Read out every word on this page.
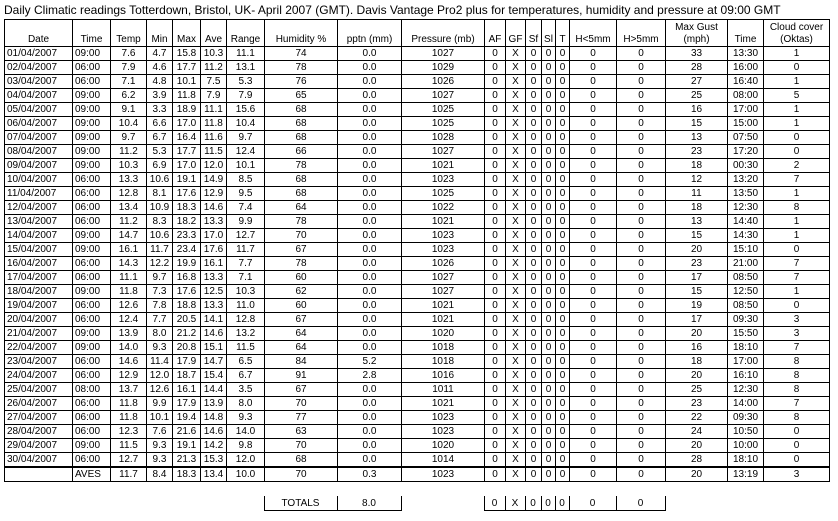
Daily Climatic readings Totterdown, Bristol, UK- April 2007 (GMT). Davis Vantage Pro2 plus for temperatures, humidity and pressure at 09:00 GMT
Date	Time	Temp	Min	Max	Ave	Range	Humidity %	pptn (mm)	Pressure (mb)	AF	GF	Sf	Sl	T	H<5mm	H>5mm	Max Gust (mph)	Time	Cloud cover (Oktas)
01/04/2007	09:00	7.6	4.7	15.8	10.3	11.1	74	0.0	1027	0	X	0	0	0	0	0	33	13:30	1
02/04/2007	06:00	7.9	4.6	17.7	11.2	13.1	78	0.0	1029	0	X	0	0	0	0	0	28	16:00	0
03/04/2007	06:00	7.1	4.8	10.1	7.5	5.3	76	0.0	1026	0	X	0	0	0	0	0	27	16:40	1
04/04/2007	09:00	6.2	3.9	11.8	7.9	7.9	65	0.0	1027	0	X	0	0	0	0	0	25	08:00	5
05/04/2007	09:00	9.1	3.3	18.9	11.1	15.6	68	0.0	1025	0	X	0	0	0	0	0	16	17:00	1
06/04/2007	09:00	10.4	6.6	17.0	11.8	10.4	68	0.0	1025	0	X	0	0	0	0	0	15	15:00	1
07/04/2007	09:00	9.7	6.7	16.4	11.6	9.7	68	0.0	1028	0	X	0	0	0	0	0	13	07:50	0
08/04/2007	09:00	11.2	5.3	17.7	11.5	12.4	66	0.0	1027	0	X	0	0	0	0	0	23	17:20	0
09/04/2007	09:00	10.3	6.9	17.0	12.0	10.1	78	0.0	1021	0	X	0	0	0	0	0	18	00:30	2
10/04/2007	06:00	13.3	10.6	19.1	14.9	8.5	68	0.0	1023	0	X	0	0	0	0	0	12	13:20	7
11/04/2007	06:00	12.8	8.1	17.6	12.9	9.5	68	0.0	1025	0	X	0	0	0	0	0	11	13:50	1
12/04/2007	06:00	13.4	10.9	18.3	14.6	7.4	64	0.0	1022	0	X	0	0	0	0	0	18	12:30	8
13/04/2007	06:00	11.2	8.3	18.2	13.3	9.9	78	0.0	1021	0	X	0	0	0	0	0	13	14:40	1
14/04/2007	09:00	14.7	10.6	23.3	17.0	12.7	70	0.0	1023	0	X	0	0	0	0	0	15	14:30	1
15/04/2007	09:00	16.1	11.7	23.4	17.6	11.7	67	0.0	1023	0	X	0	0	0	0	0	20	15:10	0
16/04/2007	06:00	14.3	12.2	19.9	16.1	7.7	78	0.0	1026	0	X	0	0	0	0	0	23	21:00	7
17/04/2007	06:00	11.1	9.7	16.8	13.3	7.1	60	0.0	1027	0	X	0	0	0	0	0	17	08:50	7
18/04/2007	09:00	11.8	7.3	17.6	12.5	10.3	62	0.0	1027	0	X	0	0	0	0	0	15	12:50	1
19/04/2007	06:00	12.6	7.8	18.8	13.3	11.0	60	0.0	1021	0	X	0	0	0	0	0	19	08:50	0
20/04/2007	06:00	12.4	7.7	20.5	14.1	12.8	67	0.0	1021	0	X	0	0	0	0	0	17	09:30	3
21/04/2007	09:00	13.9	8.0	21.2	14.6	13.2	64	0.0	1020	0	X	0	0	0	0	0	20	15:50	3
22/04/2007	09:00	14.0	9.3	20.8	15.1	11.5	64	0.0	1018	0	X	0	0	0	0	0	16	18:10	7
23/04/2007	06:00	14.6	11.4	17.9	14.7	6.5	84	5.2	1018	0	X	0	0	0	0	0	18	17:00	8
24/04/2007	06:00	12.9	12.0	18.7	15.4	6.7	91	2.8	1016	0	X	0	0	0	0	0	20	16:10	8
25/04/2007	08:00	13.7	12.6	16.1	14.4	3.5	67	0.0	1011	0	X	0	0	0	0	0	25	12:30	8
26/04/2007	06:00	11.8	9.9	17.9	13.9	8.0	70	0.0	1021	0	X	0	0	0	0	0	23	14:00	7
27/04/2007	06:00	11.8	10.1	19.4	14.8	9.3	77	0.0	1023	0	X	0	0	0	0	0	22	09:30	8
28/04/2007	06:00	12.3	7.6	21.6	14.6	14.0	63	0.0	1023	0	X	0	0	0	0	0	24	10:50	0
29/04/2007	09:00	11.5	9.3	19.1	14.2	9.8	70	0.0	1020	0	X	0	0	0	0	0	20	10:00	0
30/04/2007	06:00	12.7	9.3	21.3	15.3	12.0	68	0.0	1014	0	X	0	0	0	0	0	28	18:10	0
	AVES	11.7	8.4	18.3	13.4	10.0	70	0.3	1023	0	X	0	0	0	0	0	20	13:19	3
							TOTALS	8.0		0	X	0	0	0	0	0
